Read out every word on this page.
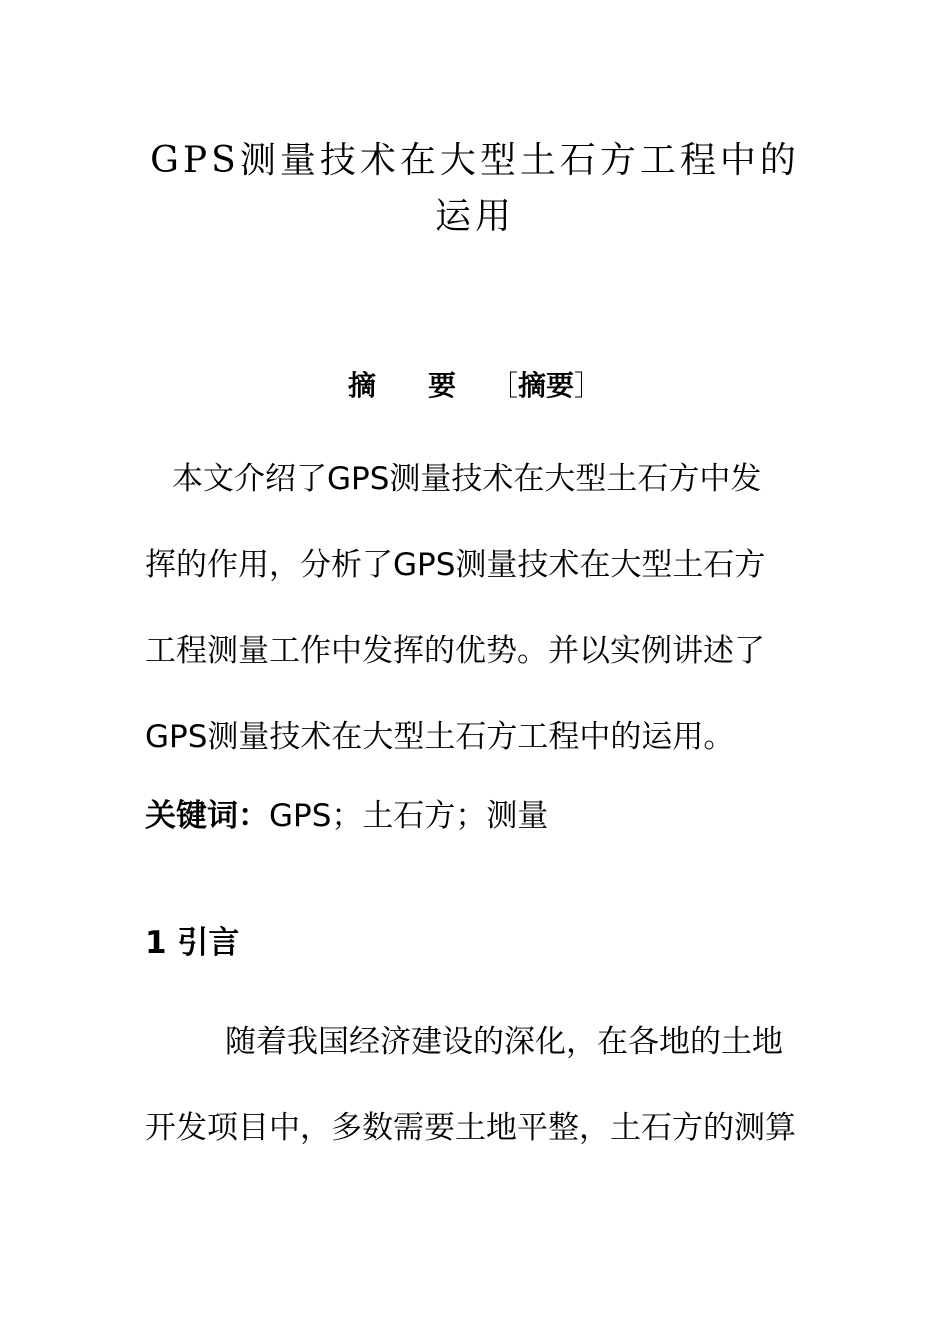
GPS测量技术在大型土石方工程中的
运用
摘 要 ［摘要］

本文介绍了GPS测量技术在大型土石方中发

挥的作用，分析了GPS测量技术在大型土石方

工程测量工作中发挥的优势。并以实例讲述了

GPS测量技术在大型土石方工程中的运用。

关键词：GPS；土石方；测量

1 引言

随着我国经济建设的深化，在各地的土地

开发项目中，多数需要土地平整，土石方的测算
